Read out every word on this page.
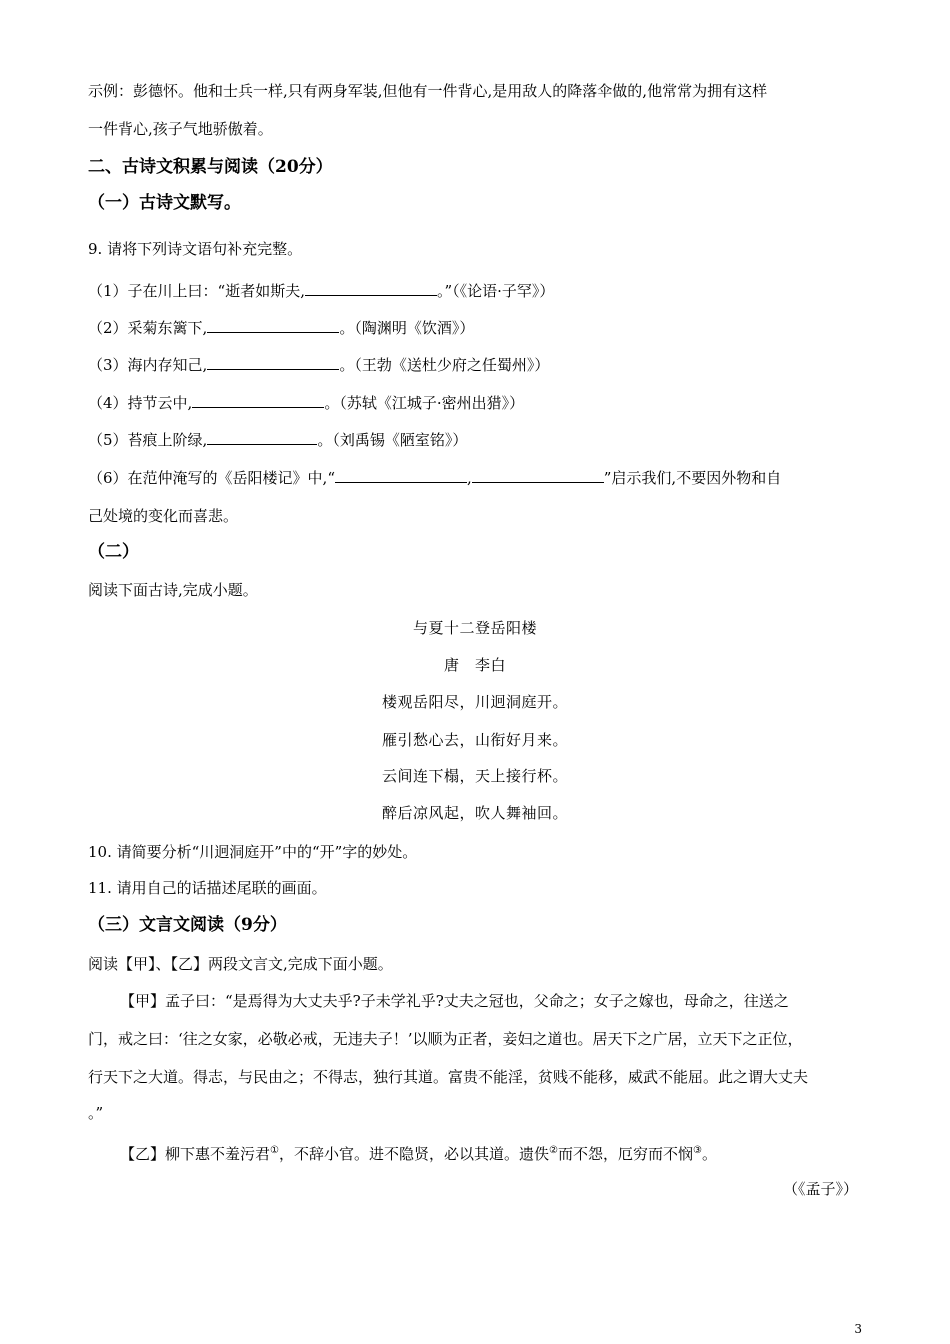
示例：彭德怀。他和士兵一样,只有两身军装,但他有一件背心,是用敌人的降落伞做的,他常常为拥有这样
一件背心,孩子气地骄傲着。
二、古诗文积累与阅读（20分）
（一）古诗文默写。
9. 请将下列诗文语句补充完整。
（1）子在川上曰：“逝者如斯夫,	。”（《论语·子罕》）
（2）采菊东篱下,	。（陶渊明《饮酒》）
（3）海内存知己,	。（王勃《送杜少府之任蜀州》）
（4）持节云中,	。（苏轼《江城子·密州出猎》）
（5）苔痕上阶绿,	。（刘禹锡《陋室铭》）
（6）在范仲淹写的《岳阳楼记》中,“	,	”启示我们,不要因外物和自
己处境的变化而喜悲。
（二）
阅读下面古诗,完成小题。
与夏十二登岳阳楼
唐　李白
楼观岳阳尽，川迥洞庭开。
雁引愁心去，山衔好月来。
云间连下榻，天上接行杯。
醉后凉风起，吹人舞袖回。
10. 请简要分析“川迥洞庭开”中的“开”字的妙处。
11. 请用自己的话描述尾联的画面。
（三）文言文阅读（9分）
阅读【甲】、【乙】两段文言文,完成下面小题。
【甲】孟子曰：“是焉得为大丈夫乎?子未学礼乎?丈夫之冠也，父命之；女子之嫁也，母命之，往送之
门，戒之曰：‘往之女家，必敬必戒，无违夫子！’以顺为正者，妾妇之道也。居天下之广居，立天下之正位，
行天下之大道。得志，与民由之；不得志，独行其道。富贵不能淫，贫贱不能移，威武不能屈。此之谓大丈夫
。”
【乙】柳下惠不羞污君①，不辞小官。进不隐贤，必以其道。遗佚②而不怨，厄穷而不悯③。
（《孟子》）
3
